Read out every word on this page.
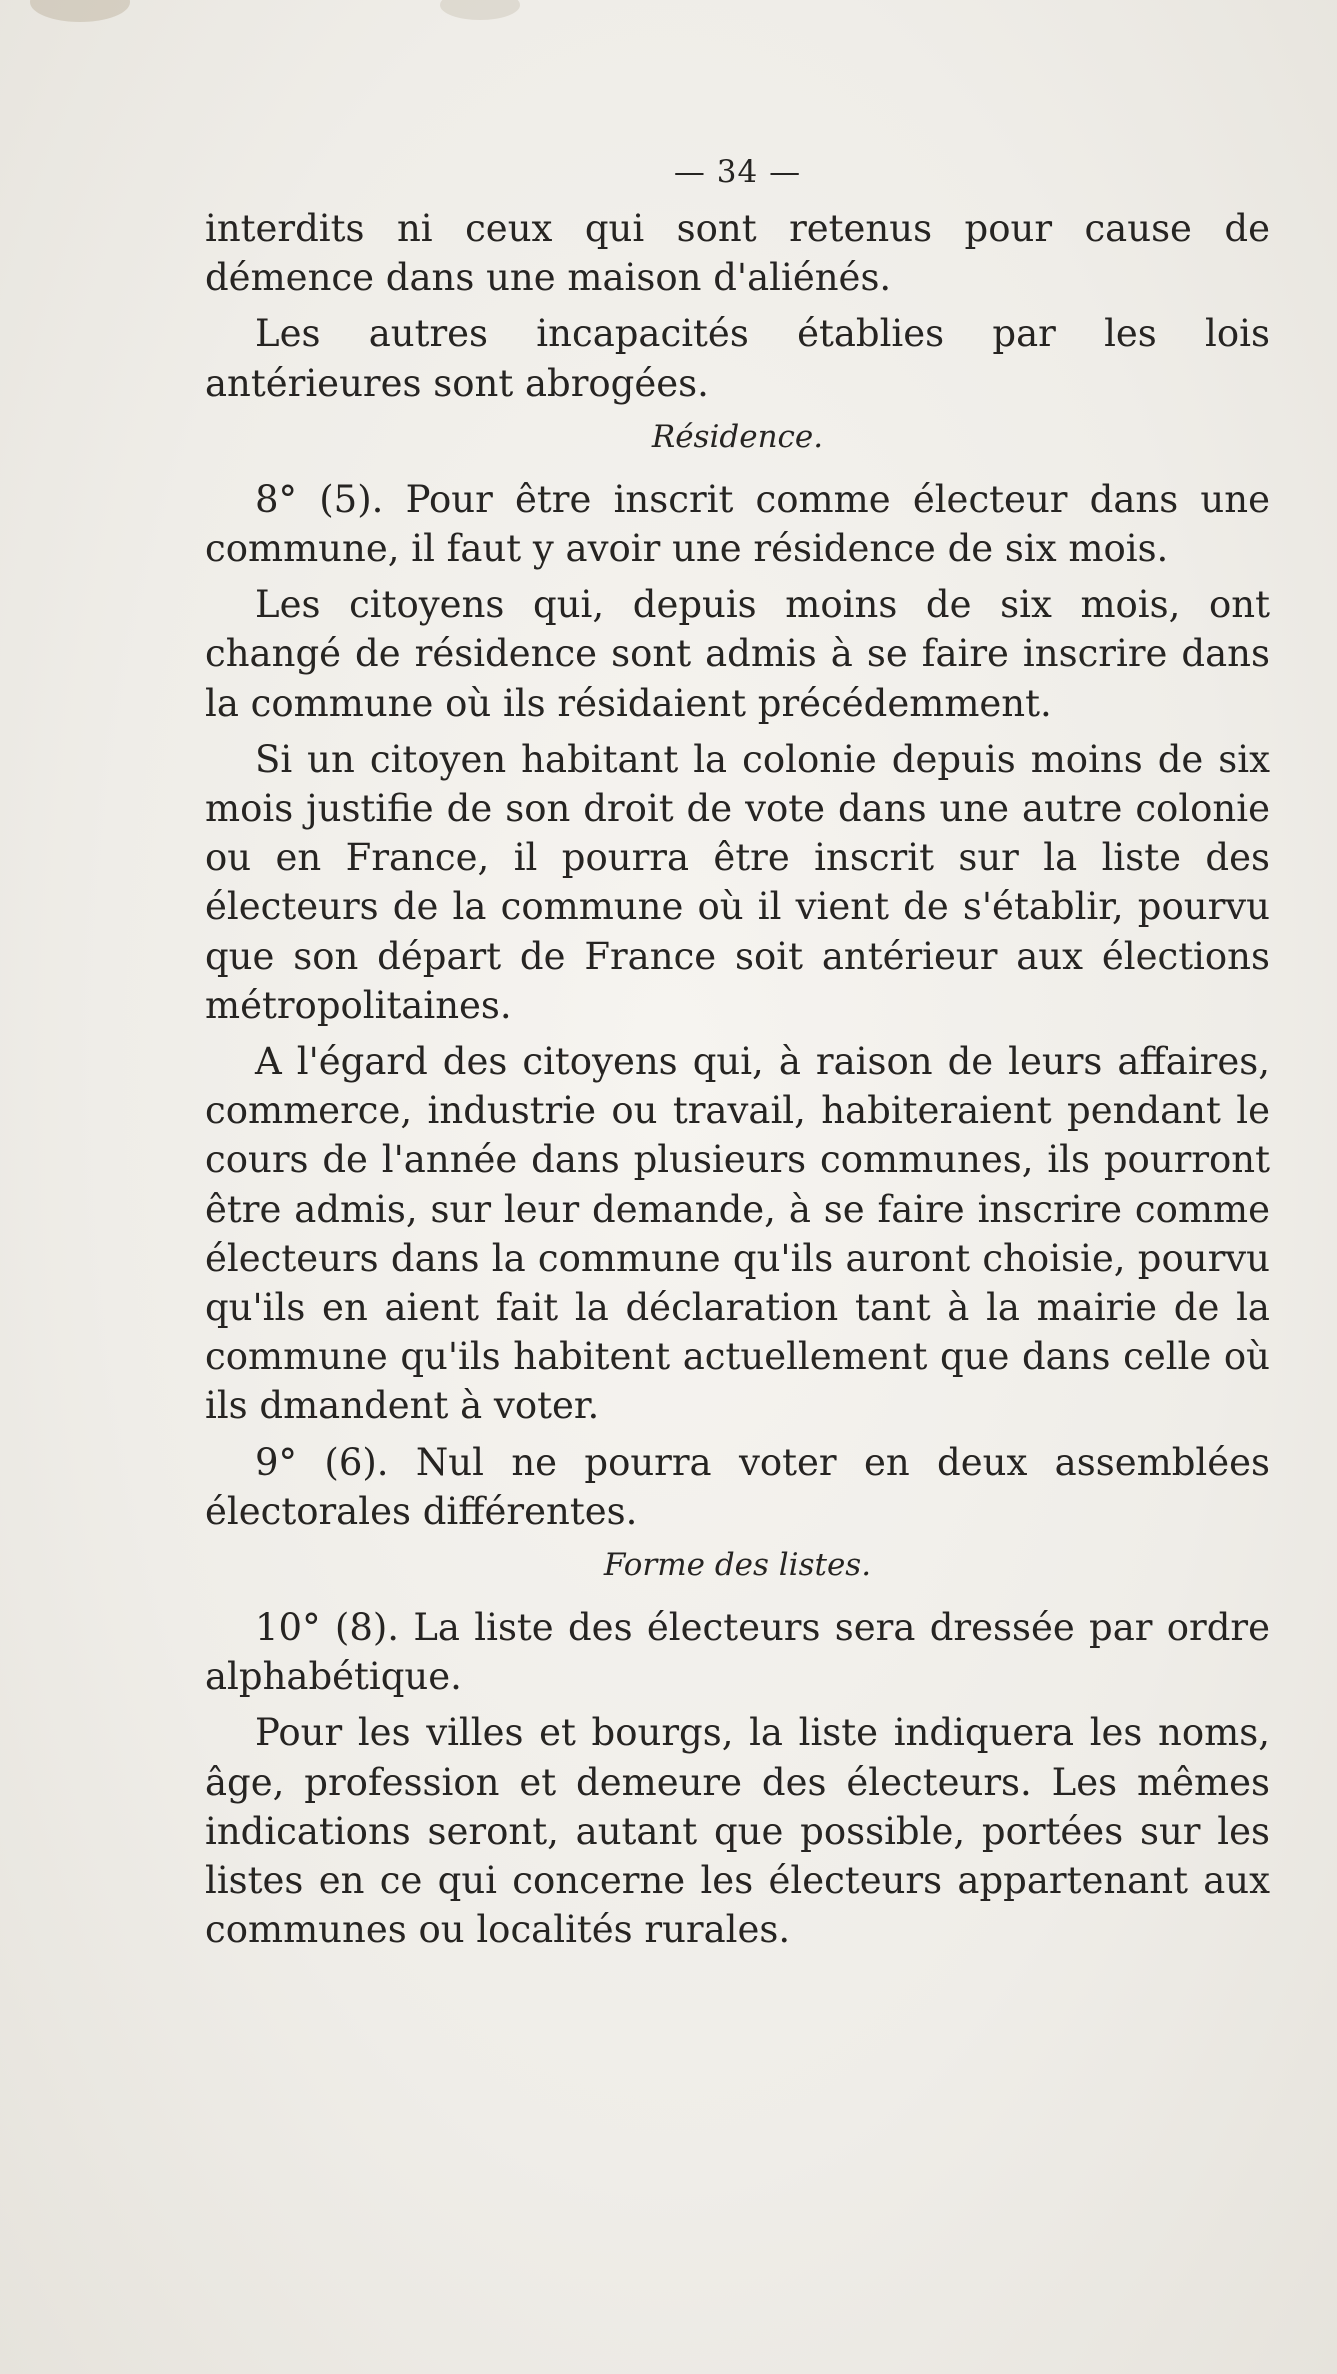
— 34 —

interdits ni ceux qui sont retenus pour cause de démence dans une maison d'aliénés.

Les autres incapacités établies par les lois antérieures sont abrogées.

Résidence.

8° (5). Pour être inscrit comme électeur dans une commune, il faut y avoir une résidence de six mois.

Les citoyens qui, depuis moins de six mois, ont changé de résidence sont admis à se faire inscrire dans la commune où ils résidaient précédemment.

Si un citoyen habitant la colonie depuis moins de six mois justifie de son droit de vote dans une autre colonie ou en France, il pourra être inscrit sur la liste des électeurs de la commune où il vient de s'établir, pourvu que son départ de France soit antérieur aux élections métropolitaines.

A l'égard des citoyens qui, à raison de leurs affaires, commerce, industrie ou travail, habiteraient pendant le cours de l'année dans plusieurs communes, ils pourront être admis, sur leur demande, à se faire inscrire comme électeurs dans la commune qu'ils auront choisie, pourvu qu'ils en aient fait la déclaration tant à la mairie de la commune qu'ils habitent actuellement que dans celle où ils dmandent à voter.

9° (6). Nul ne pourra voter en deux assemblées électorales différentes.

Forme des listes.

10° (8). La liste des électeurs sera dressée par ordre alphabétique.

Pour les villes et bourgs, la liste indiquera les noms, âge, profession et demeure des électeurs. Les mêmes indications seront, autant que possible, portées sur les listes en ce qui concerne les électeurs appartenant aux communes ou localités rurales.
